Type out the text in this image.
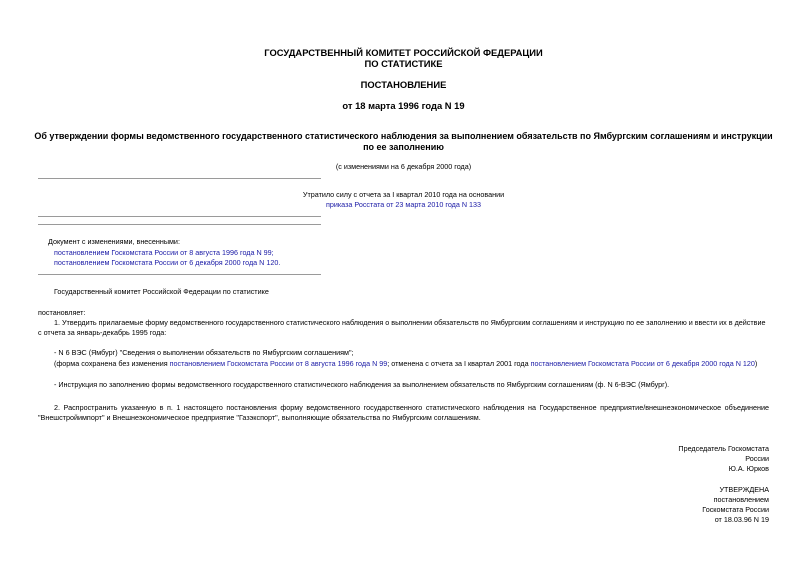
ГОСУДАРСТВЕННЫЙ КОМИТЕТ РОССИЙСКОЙ ФЕДЕРАЦИИ
ПО СТАТИСТИКЕ
ПОСТАНОВЛЕНИЕ
от 18 марта 1996 года N 19
Об утверждении формы ведомственного государственного статистического наблюдения за выполнением обязательств по Ямбургским соглашениям и инструкции
по ее заполнению
(с изменениями на 6 декабря 2000 года)
Утратило силу с отчета за I квартал 2010 года на основании
приказа Росстата от 23 марта 2010 года N 133
Документ с изменениями, внесенными:
постановлением Госкомстата России от 8 августа 1996 года N 99;
постановлением Госкомстата России от 6 декабря 2000 года N 120.
Государственный комитет Российской Федерации по статистике
постановляет:
1. Утвердить прилагаемые форму ведомственного государственного статистического наблюдения о выполнении обязательств по Ямбургским соглашениям и инструкцию по ее заполнению и ввести их в действие с отчета за январь-декабрь 1995 года:
- N 6 ВЭС (Ямбург) "Сведения о выполнении обязательств по Ямбургским соглашениям";
(форма сохранена без изменения постановлением Госкомстата России от 8 августа 1996 года N 99; отменена с отчета за I квартал 2001 года постановлением Госкомстата России от 6 декабря 2000 года N 120)
- Инструкция по заполнению формы ведомственного государственного статистического наблюдения за выполнением обязательств по Ямбургским соглашениям (ф. N 6-ВЭС (Ямбург).
2. Распространить указанную в п. 1 настоящего постановления форму ведомственного государственного статистического наблюдения на Государственное предприятие/внешнеэкономическое объединение "Внешстройимпорт" и Внешнеэкономическое предприятие "Газэкспорт", выполняющие обязательства по Ямбургским соглашениям.
Председатель Госкомстата
России
Ю.А. Юрков
УТВЕРЖДЕНА
постановлением
Госкомстата России
от 18.03.96 N 19
